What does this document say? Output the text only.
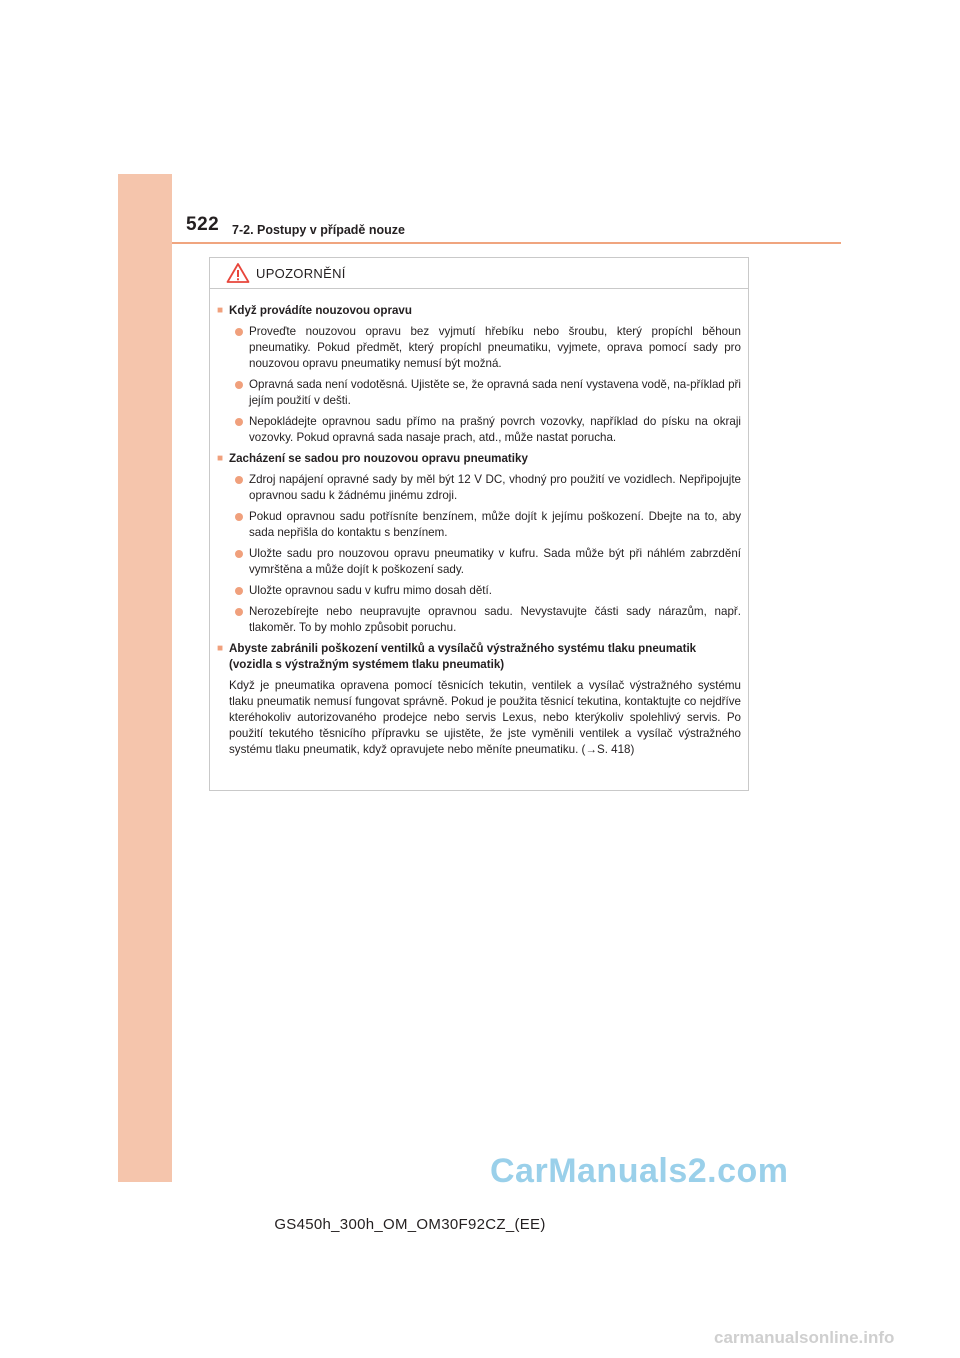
522 7-2. Postupy v případě nouze
UPOZORNĚNÍ
■ Když provádíte nouzovou opravu
Proveďte nouzovou opravu bez vyjmutí hřebíku nebo šroubu, který propíchl běhoun pneumatiky. Pokud předmět, který propíchl pneumatiku, vyjmete, oprava pomocí sady pro nouzovou opravu pneumatiky nemusí být možná.
Opravná sada není vodotěsná. Ujistěte se, že opravná sada není vystavena vodě, na-příklad při jejím použití v dešti.
Nepokládejte opravnou sadu přímo na prašný povrch vozovky, například do písku na okraji vozovky. Pokud opravná sada nasaje prach, atd., může nastat porucha.
■ Zacházení se sadou pro nouzovou opravu pneumatiky
Zdroj napájení opravné sady by měl být 12 V DC, vhodný pro použití ve vozidlech. Nepřipojujte opravnou sadu k žádnému jinému zdroji.
Pokud opravnou sadu potřísníte benzínem, může dojít k jejímu poškození. Dbejte na to, aby sada nepřišla do kontaktu s benzínem.
Uložte sadu pro nouzovou opravu pneumatiky v kufru. Sada může být při náhlém zabrzdění vymrštěna a může dojít k poškození sady.
Uložte opravnou sadu v kufru mimo dosah dětí.
Nerozebírejte nebo neupravujte opravnou sadu. Nevystavujte části sady nárazům, např. tlakoměr. To by mohlo způsobit poruchu.
■ Abyste zabránili poškození ventilků a vysílačů výstražného systému tlaku pneumatik (vozidla s výstražným systémem tlaku pneumatik)
Když je pneumatika opravena pomocí těsnicích tekutin, ventilek a vysílač výstražného systému tlaku pneumatik nemusí fungovat správně. Pokud je použita těsnicí tekutina, kontaktujte co nejdříve kteréhokoliv autorizovaného prodejce nebo servis Lexus, nebo kterýkoliv spolehlivý servis. Po použití tekutého těsnicího přípravku se ujistěte, že jste vyměnili ventilek a vysílač výstražného systému tlaku pneumatik, když opravujete nebo měníte pneumatiku. (→S. 418)
CarManuals2.com
GS450h_300h_OM_OM30F92CZ_(EE)
carmanualsonline.info
